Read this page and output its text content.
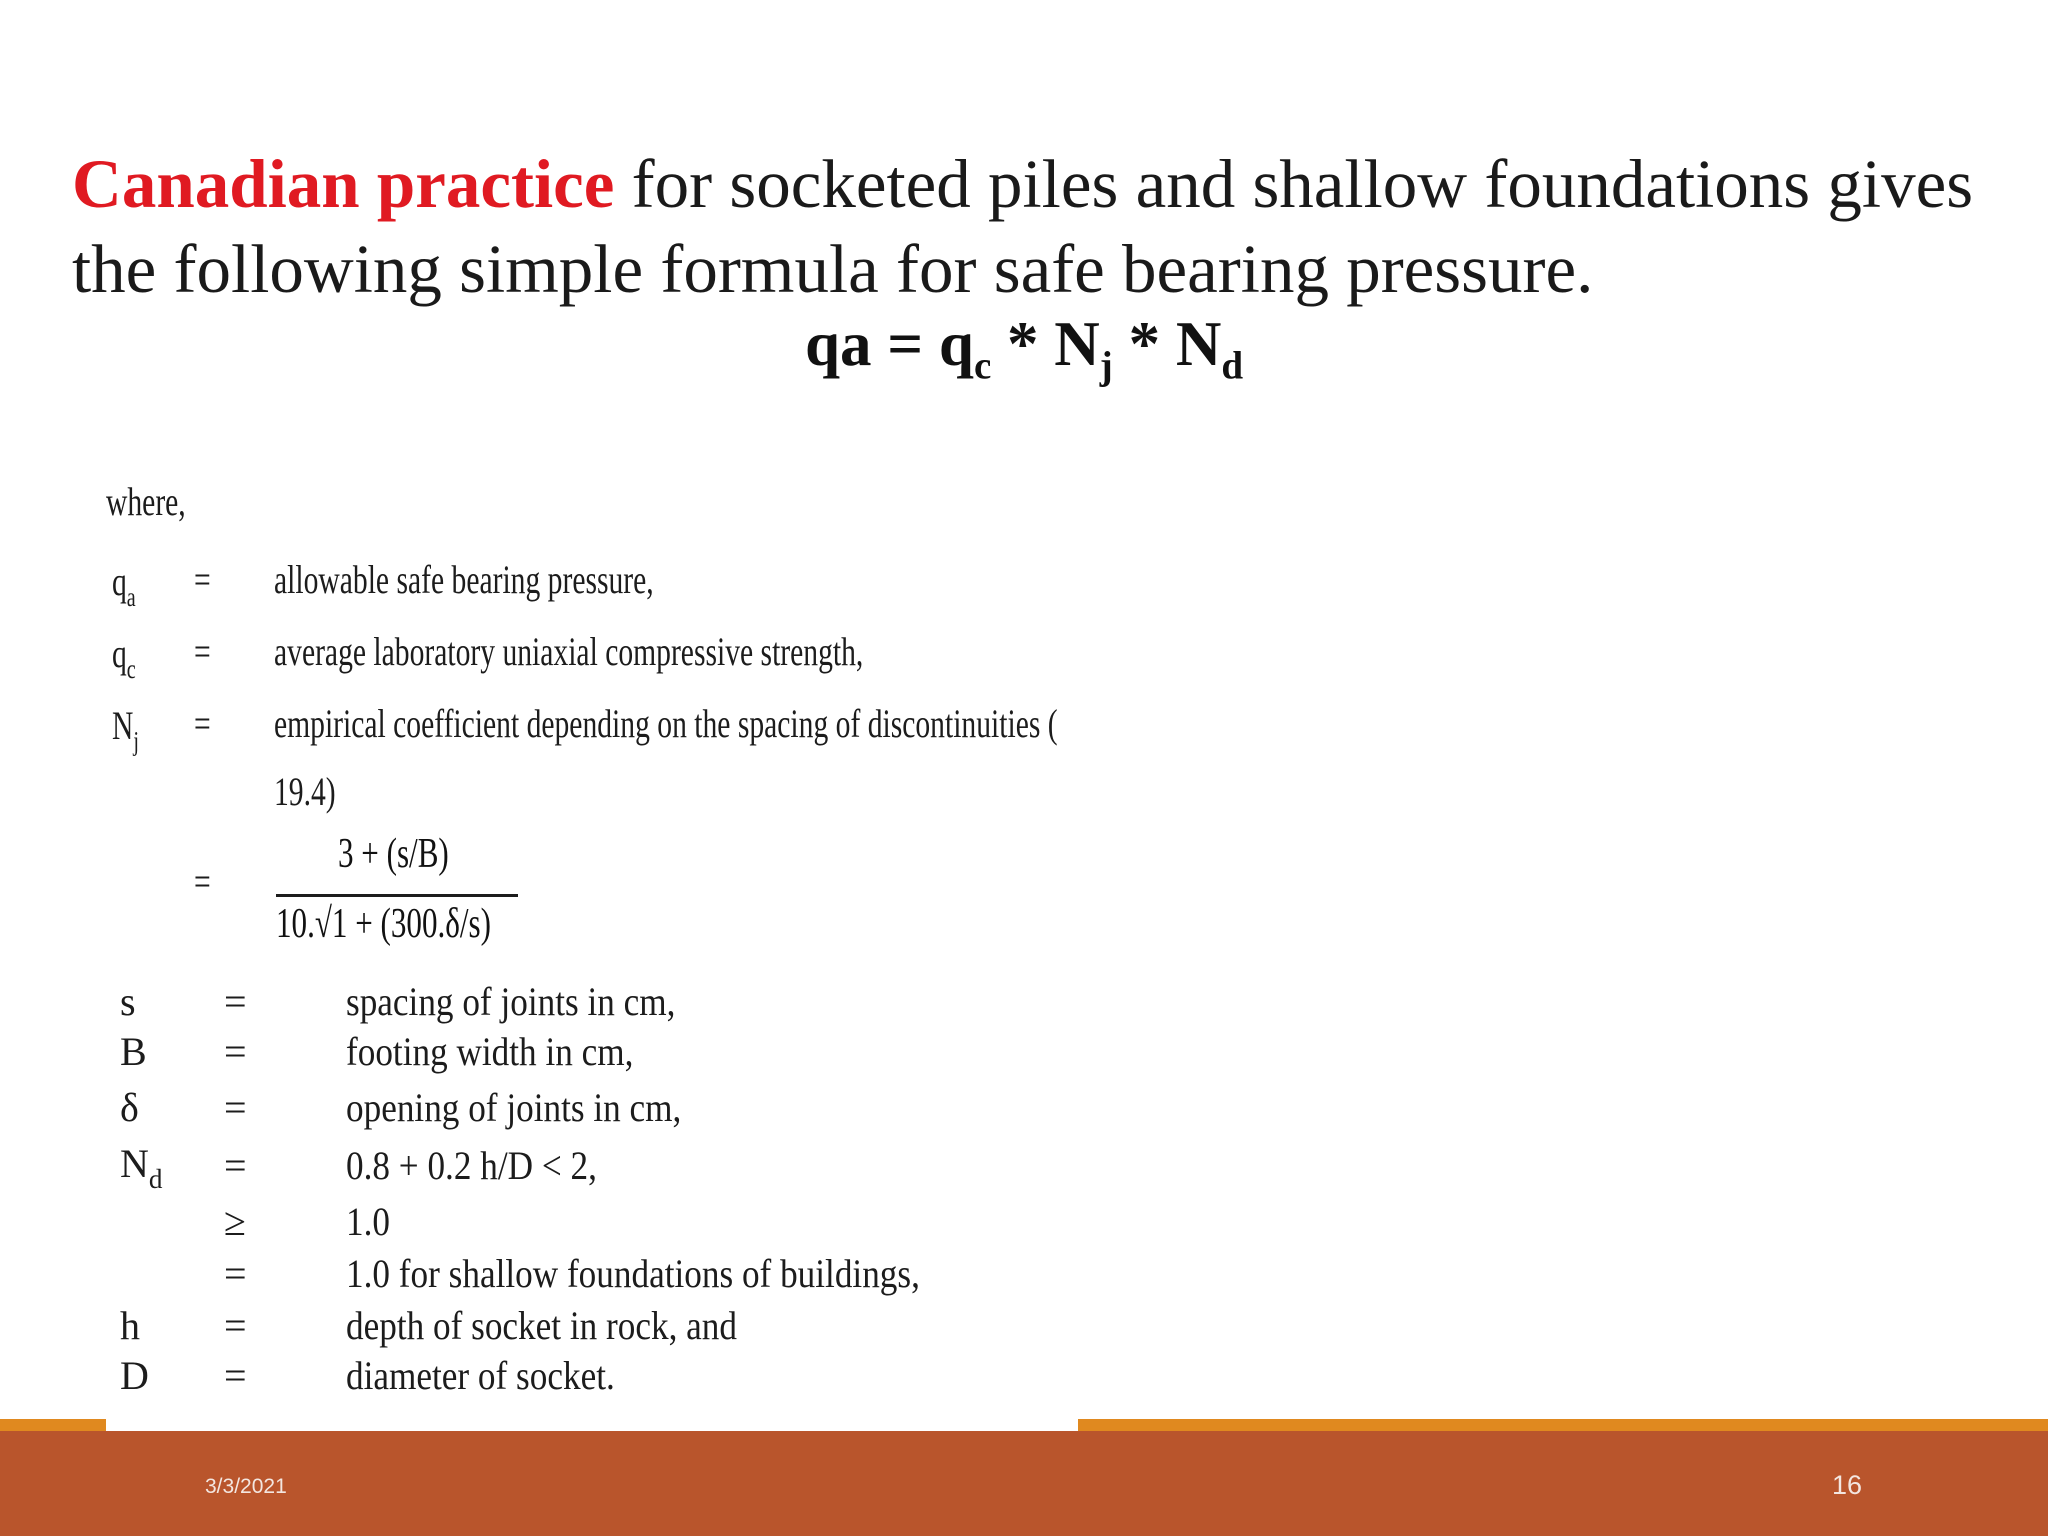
Canadian practice for socketed piles and shallow foundations gives
the following simple formula for safe bearing pressure.

qa = $q_c * N_j * N_d$
where,
$q_a$ = allowable safe bearing pressure,
$q_c$ = average laboratory uniaxial compressive strength,
$N_j$ = empirical coefficient depending on the spacing of discontinuities (
19.4)
=
3 + (s/B)
10.√1 + (300.δ/s)
s = spacing of joints in cm,
B = footing width in cm,
δ = opening of joints in cm,
$N_d = 0.8 + 0.2$ h/D < 2,
≥	1.0
= 1.0 for shallow foundations of buildings,
h = depth of socket in rock, and
D = diameter of socket.
3/3/2021	16
